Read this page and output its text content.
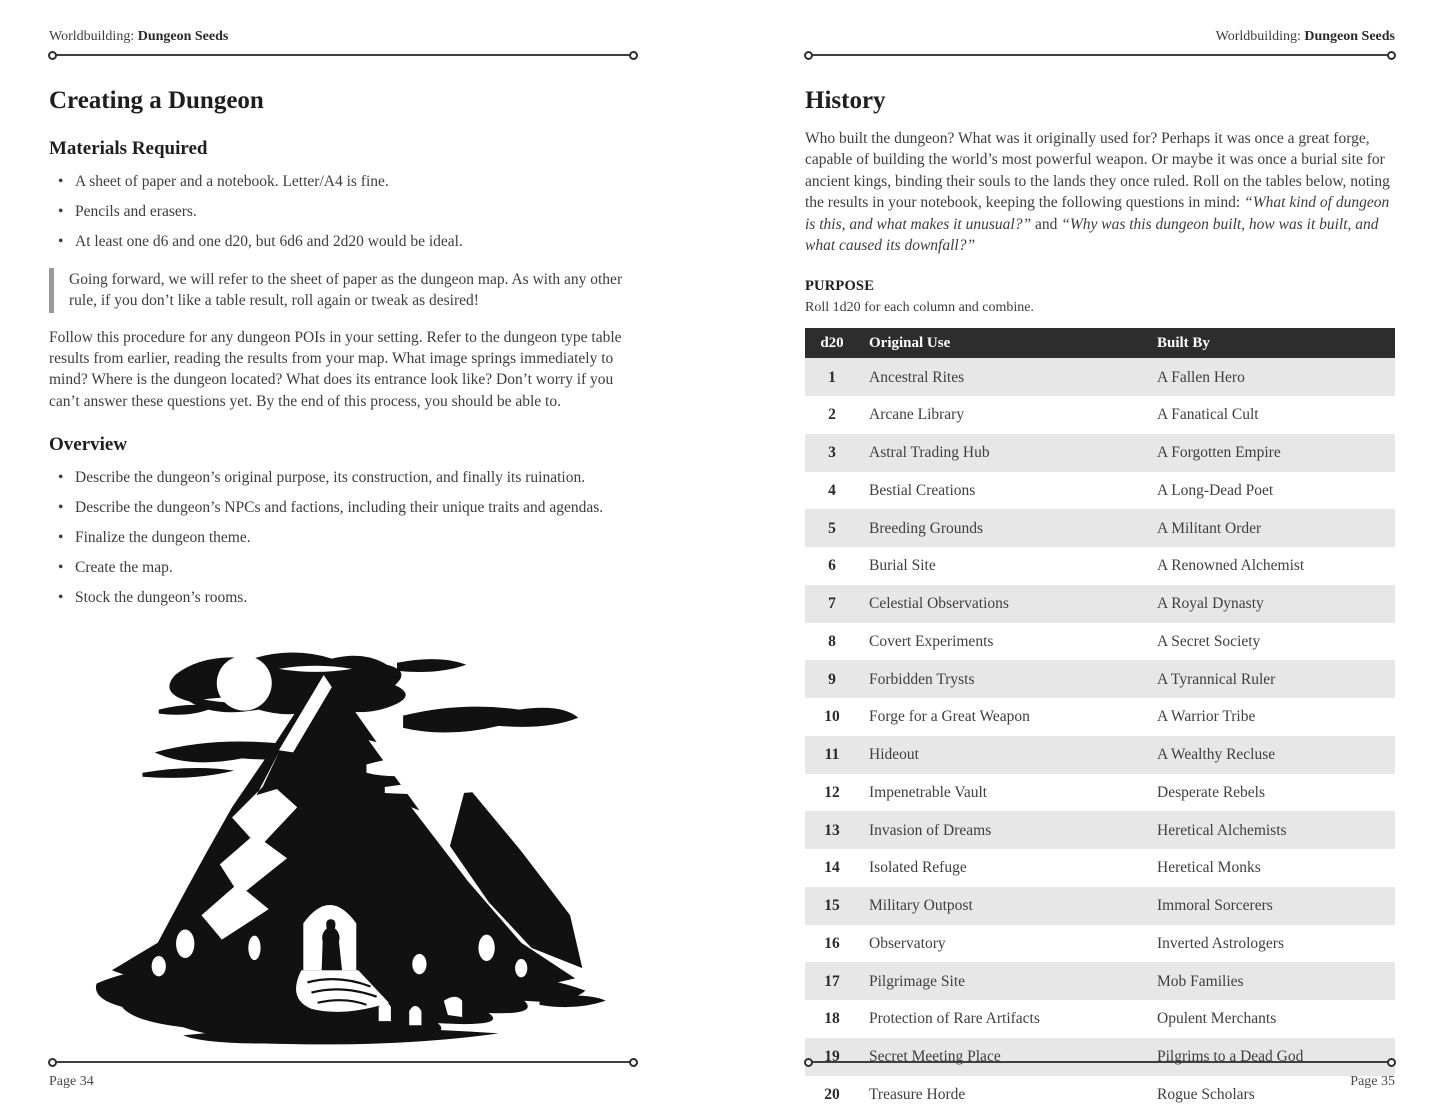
Worldbuilding: Dungeon Seeds
Creating a Dungeon
Materials Required
• A sheet of paper and a notebook. Letter/A4 is fine.
• Pencils and erasers.
• At least one d6 and one d20, but 6d6 and 2d20 would be ideal.
Going forward, we will refer to the sheet of paper as the dungeon map. As with any other rule, if you don’t like a table result, roll again or tweak as desired!

Follow this procedure for any dungeon POIs in your setting. Refer to the dungeon type table results from earlier, reading the results from your map. What image springs immediately to mind? Where is the dungeon located? What does its entrance look like? Don’t worry if you can’t answer these questions yet. By the end of this process, you should be able to.

Overview
• Describe the dungeon’s original purpose, its construction, and finally its ruination.
• Describe the dungeon’s NPCs and factions, including their unique traits and agendas.
• Finalize the dungeon theme.
• Create the map.
• Stock the dungeon’s rooms.
Page 34
Worldbuilding: Dungeon Seeds
History

Who built the dungeon? What was it originally used for? Perhaps it was once a great forge, capable of building the world’s most powerful weapon. Or maybe it was once a burial site for ancient kings, binding their souls to the lands they once ruled. Roll on the tables below, noting the results in your notebook, keeping the following questions in mind: “What kind of dungeon is this, and what makes it unusual?” and “Why was this dungeon built, how was it built, and what caused its downfall?”

PURPOSE

Roll 1d20 for each column and combine.

d20	Original Use	Built By
1	Ancestral Rites	A Fallen Hero
2	Arcane Library	A Fanatical Cult
3	Astral Trading Hub	A Forgotten Empire
4	Bestial Creations	A Long-Dead Poet
5	Breeding Grounds	A Militant Order
6	Burial Site	A Renowned Alchemist
7	Celestial Observations	A Royal Dynasty
8	Covert Experiments	A Secret Society
9	Forbidden Trysts	A Tyrannical Ruler
10	Forge for a Great Weapon	A Warrior Tribe
11	Hideout	A Wealthy Recluse
12	Impenetrable Vault	Desperate Rebels
13	Invasion of Dreams	Heretical Alchemists
14	Isolated Refuge	Heretical Monks
15	Military Outpost	Immoral Sorcerers
16	Observatory	Inverted Astrologers
17	Pilgrimage Site	Mob Families
18	Protection of Rare Artifacts	Opulent Merchants
19	Secret Meeting Place	Pilgrims to a Dead God
20	Treasure Horde	Rogue Scholars
Page 35
